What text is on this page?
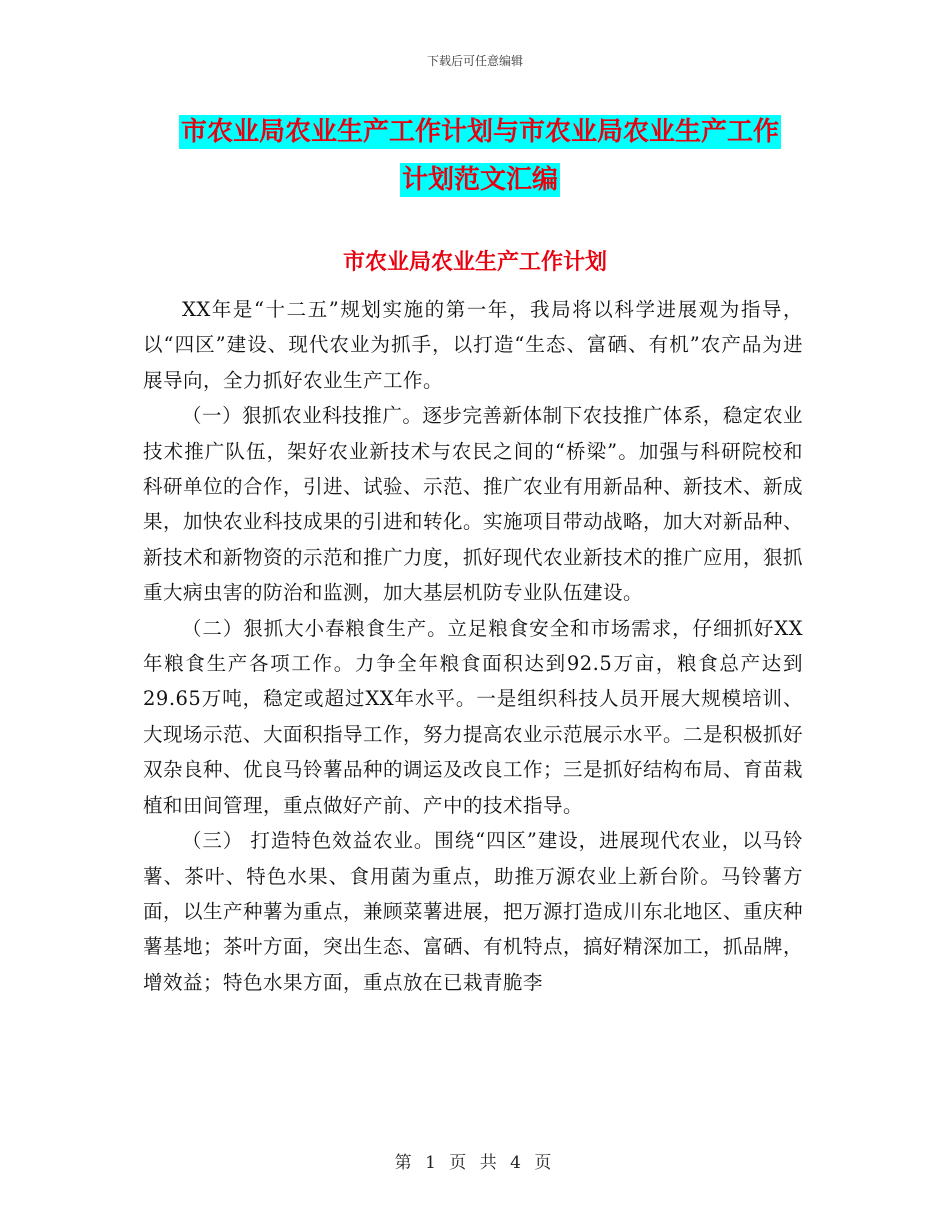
下载后可任意编辑
市农业局农业生产工作计划与市农业局农业生产工作
计划范文汇编
市农业局农业生产工作计划

XX年是“十二五”规划实施的第一年，我局将以科学进展观为指导，以“四区”建设、现代农业为抓手，以打造“生态、富硒、有机”农产品为进展导向，全力抓好农业生产工作。

（一）狠抓农业科技推广。逐步完善新体制下农技推广体系，稳定农业技术推广队伍，架好农业新技术与农民之间的“桥梁”。加强与科研院校和科研单位的合作，引进、试验、示范、推广农业有用新品种、新技术、新成果，加快农业科技成果的引进和转化。实施项目带动战略，加大对新品种、新技术和新物资的示范和推广力度，抓好现代农业新技术的推广应用，狠抓重大病虫害的防治和监测，加大基层机防专业队伍建设。

（二）狠抓大小春粮食生产。立足粮食安全和市场需求，仔细抓好XX年粮食生产各项工作。力争全年粮食面积达到92.5万亩，粮食总产达到29.65万吨，稳定或超过XX年水平。一是组织科技人员开展大规模培训、大现场示范、大面积指导工作，努力提高农业示范展示水平。二是积极抓好双杂良种、优良马铃薯品种的调运及改良工作；三是抓好结构布局、育苗栽植和田间管理，重点做好产前、产中的技术指导。

（三） 打造特色效益农业。围绕“四区”建设，进展现代农业，以马铃薯、茶叶、特色水果、食用菌为重点，助推万源农业上新台阶。马铃薯方面，以生产种薯为重点，兼顾菜薯进展，把万源打造成川东北地区、重庆种薯基地；茶叶方面，突出生态、富硒、有机特点，搞好精深加工，抓品牌，增效益；特色水果方面，重点放在已栽青脆李

第 1 页 共 4 页
